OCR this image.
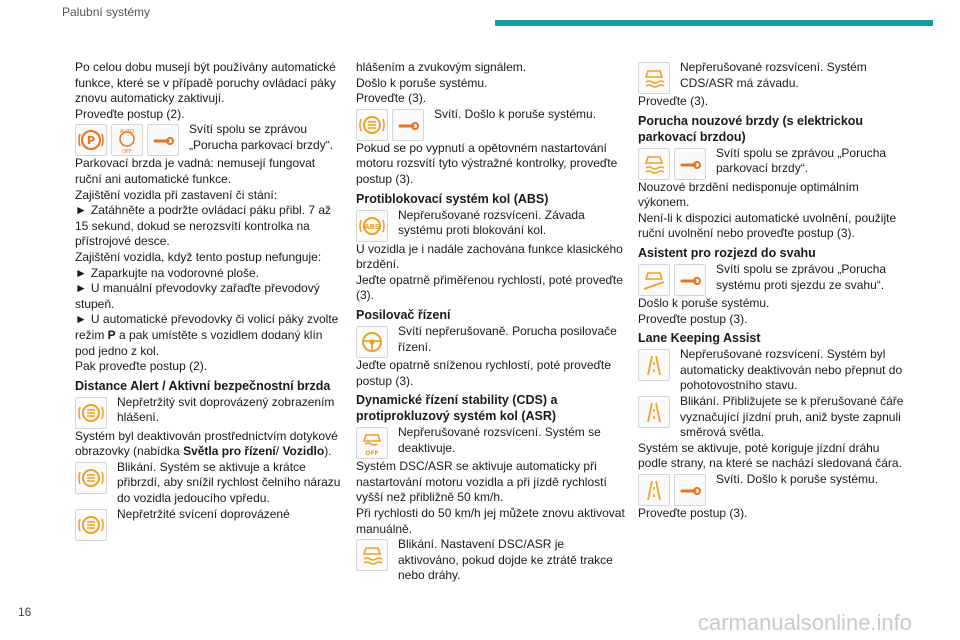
Palubní systémy

Po celou dobu musejí být používány automatické funkce, které se v případě poruchy ovládací páky znovu automaticky zaktivují.

Proveďte postup (2).

P
AUTO
OFF
Svítí spolu se zprávou „Porucha parkovací brzdy“.

Parkovací brzda je vadná: nemusejí fungovat ruční ani automatické funkce.

Zajištění vozidla při zastavení či stání:

► Zatáhněte a podržte ovládací páku přibl. 7 až 15 sekund, dokud se nerozsvítí kontrolka na přístrojové desce.

Zajištění vozidla, když tento postup nefunguje:

► Zaparkujte na vodorovné ploše.

► U manuální převodovky zařaďte převodový stupeň.

► U automatické převodovky či volicí páky zvolte režim P a pak umístěte s vozidlem dodaný klín pod jedno z kol.

Pak proveďte postup (2).

Distance Alert / Aktivní bezpečnostní brzda
Nepřetržitý svit doprovázený zobrazením hlášení.

Systém byl deaktivován prostřednictvím dotykové obrazovky (nabídka Světla pro řízení/ Vozidlo).

Blikání. Systém se aktivuje a krátce přibrzdí, aby snížil rychlost čelního nárazu do vozidla jedoucího vpředu.
Nepřetržité svícení doprovázené

hlášením a zvukovým signálem.

Došlo k poruše systému.

Proveďte (3).

Svítí. Došlo k poruše systému.

Pokud se po vypnutí a opětovném nastartování motoru rozsvítí tyto výstražné kontrolky, proveďte postup (3).

Protiblokovací systém kol (ABS)
ABS
Nepřerušované rozsvícení. Závada systému proti blokování kol.

U vozidla je i nadále zachována funkce klasického brzdění.

Jeďte opatrně přiměřenou rychlostí, poté proveďte (3).

Posilovač řízení
Svítí nepřerušovaně. Porucha posilovače řízení.

Jeďte opatrně sníženou rychlostí, poté proveďte postup (3).

Dynamické řízení stability (CDS) a protiprokluzový systém kol (ASR)
OFF
Nepřerušované rozsvícení. Systém se deaktivuje.

Systém DSC/ASR se aktivuje automaticky při nastartování motoru vozidla a při jízdě rychlostí vyšší než přibližně 50 km/h.

Při rychlosti do 50 km/h jej můžete znovu aktivovat manuálně.

Blikání. Nastavení DSC/ASR je aktivováno, pokud dojde ke ztrátě trakce nebo dráhy.
Nepřerušované rozsvícení. Systém CDS/ASR má závadu.

Proveďte (3).

Porucha nouzové brzdy (s elektrickou parkovací brzdou)
Svítí spolu se zprávou „Porucha parkovací brzdy“.

Nouzové brzdění nedisponuje optimálním výkonem.

Není-li k dispozici automatické uvolnění, použijte ruční uvolnění nebo proveďte postup (3).

Asistent pro rozjezd do svahu
Svítí spolu se zprávou „Porucha systému proti sjezdu ze svahu“.

Došlo k poruše systému.

Proveďte postup (3).

Lane Keeping Assist
Nepřerušované rozsvícení. Systém byl automaticky deaktivován nebo přepnut do pohotovostního stavu.
Blikání. Přibližujete se k přerušované čáře vyznačující jízdní pruh, aniž byste zapnuli směrová světla.

Systém se aktivuje, poté koriguje jízdní dráhu podle strany, na které se nachází sledovaná čára.

Svítí. Došlo k poruše systému.

Proveďte postup (3).

16	carmanualsonline.info
